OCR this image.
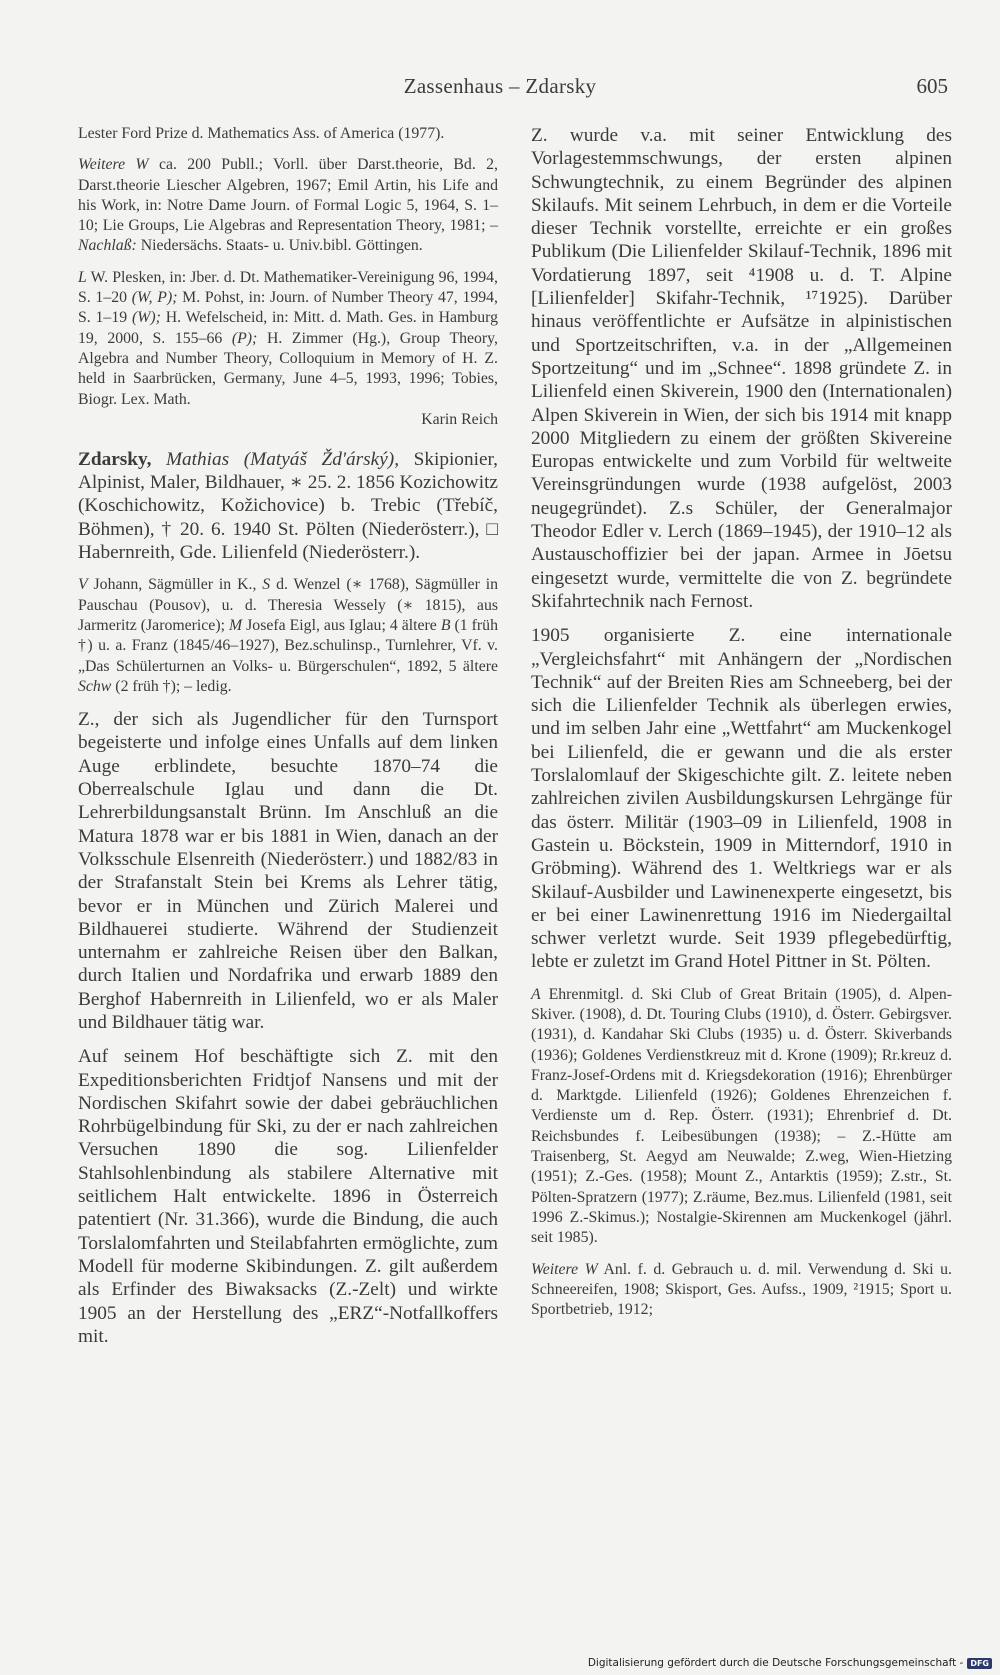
Zassenhaus – Zdarsky	605

Lester Ford Prize d. Mathematics Ass. of America (1977).

Weitere W ca. 200 Publl.; Vorll. über Darst.theorie, Bd. 2, Darst.theorie Liescher Algebren, 1967; Emil Artin, his Life and his Work, in: Notre Dame Journ. of Formal Logic 5, 1964, S. 1–10; Lie Groups, Lie Algebras and Representation Theory, 1981; – Nachlaß: Niedersächs. Staats- u. Univ.bibl. Göttingen.

L W. Plesken, in: Jber. d. Dt. Mathematiker-Vereinigung 96, 1994, S. 1–20 (W, P); M. Pohst, in: Journ. of Number Theory 47, 1994, S. 1–19 (W); H. Wefelscheid, in: Mitt. d. Math. Ges. in Hamburg 19, 2000, S. 155–66 (P); H. Zimmer (Hg.), Group Theory, Algebra and Number Theory, Colloquium in Memory of H. Z. held in Saarbrücken, Germany, June 4–5, 1993, 1996; Tobies, Biogr. Lex. Math.

Karin Reich

Zdarsky, Mathias (Matyáš Žd'árský), Skipionier, Alpinist, Maler, Bildhauer, ∗ 25. 2. 1856 Kozichowitz (Koschichowitz, Kožichovice) b. Trebic (Třebíč, Böhmen), † 20. 6. 1940 St. Pölten (Niederösterr.), □ Habernreith, Gde. Lilienfeld (Niederösterr.).

V Johann, Sägmüller in K., S d. Wenzel (∗ 1768), Sägmüller in Pauschau (Pousov), u. d. Theresia Wessely (∗ 1815), aus Jarmeritz (Jaromerice); M Josefa Eigl, aus Iglau; 4 ältere B (1 früh †) u. a. Franz (1845/46–1927), Bez.schulinsp., Turnlehrer, Vf. v. „Das Schülerturnen an Volks- u. Bürgerschulen“, 1892, 5 ältere Schw (2 früh †); – ledig.

Z., der sich als Jugendlicher für den Turnsport begeisterte und infolge eines Unfalls auf dem linken Auge erblindete, besuchte 1870–74 die Oberrealschule Iglau und dann die Dt. Lehrerbildungsanstalt Brünn. Im Anschluß an die Matura 1878 war er bis 1881 in Wien, danach an der Volksschule Elsenreith (Niederösterr.) und 1882/83 in der Strafanstalt Stein bei Krems als Lehrer tätig, bevor er in München und Zürich Malerei und Bildhauerei studierte. Während der Studienzeit unternahm er zahlreiche Reisen über den Balkan, durch Italien und Nordafrika und erwarb 1889 den Berghof Habernreith in Lilienfeld, wo er als Maler und Bildhauer tätig war.

Auf seinem Hof beschäftigte sich Z. mit den Expeditionsberichten Fridtjof Nansens und mit der Nordischen Skifahrt sowie der dabei gebräuchlichen Rohrbügelbindung für Ski, zu der er nach zahlreichen Versuchen 1890 die sog. Lilienfelder Stahlsohlenbindung als stabilere Alternative mit seitlichem Halt entwickelte. 1896 in Österreich patentiert (Nr. 31.366), wurde die Bindung, die auch Torslalomfahrten und Steilabfahrten ermöglichte, zum Modell für moderne Skibindungen. Z. gilt außerdem als Erfinder des Biwaksacks (Z.-Zelt) und wirkte 1905 an der Herstellung des „ERZ“-Notfallkoffers mit.

Z. wurde v.a. mit seiner Entwicklung des Vorlagestemmschwungs, der ersten alpinen Schwungtechnik, zu einem Begründer des alpinen Skilaufs. Mit seinem Lehrbuch, in dem er die Vorteile dieser Technik vorstellte, erreichte er ein großes Publikum (Die Lilienfelder Skilauf-Technik, 1896 mit Vordatierung 1897, seit ⁴1908 u. d. T. Alpine [Lilienfelder] Skifahr-Technik, ¹⁷1925). Darüber hinaus veröffentlichte er Aufsätze in alpinistischen und Sportzeitschriften, v.a. in der „Allgemeinen Sportzeitung“ und im „Schnee“. 1898 gründete Z. in Lilienfeld einen Skiverein, 1900 den (Internationalen) Alpen Skiverein in Wien, der sich bis 1914 mit knapp 2000 Mitgliedern zu einem der größten Skivereine Europas entwickelte und zum Vorbild für weltweite Vereinsgründungen wurde (1938 aufgelöst, 2003 neugegründet). Z.s Schüler, der Generalmajor Theodor Edler v. Lerch (1869–1945), der 1910–12 als Austauschoffizier bei der japan. Armee in Jōetsu eingesetzt wurde, vermittelte die von Z. begründete Skifahrtechnik nach Fernost.

1905 organisierte Z. eine internationale „Vergleichsfahrt“ mit Anhängern der „Nordischen Technik“ auf der Breiten Ries am Schneeberg, bei der sich die Lilienfelder Technik als überlegen erwies, und im selben Jahr eine „Wettfahrt“ am Muckenkogel bei Lilienfeld, die er gewann und die als erster Torslalomlauf der Skigeschichte gilt. Z. leitete neben zahlreichen zivilen Ausbildungskursen Lehrgänge für das österr. Militär (1903–09 in Lilienfeld, 1908 in Gastein u. Böckstein, 1909 in Mitterndorf, 1910 in Gröbming). Während des 1. Weltkriegs war er als Skilauf-Ausbilder und Lawinenexperte eingesetzt, bis er bei einer Lawinenrettung 1916 im Niedergailtal schwer verletzt wurde. Seit 1939 pflegebedürftig, lebte er zuletzt im Grand Hotel Pittner in St. Pölten.

A Ehrenmitgl. d. Ski Club of Great Britain (1905), d. Alpen-Skiver. (1908), d. Dt. Touring Clubs (1910), d. Österr. Gebirgsver. (1931), d. Kandahar Ski Clubs (1935) u. d. Österr. Skiverbands (1936); Goldenes Verdienstkreuz mit d. Krone (1909); Rr.kreuz d. Franz-Josef-Ordens mit d. Kriegsdekoration (1916); Ehrenbürger d. Marktgde. Lilienfeld (1926); Goldenes Ehrenzeichen f. Verdienste um d. Rep. Österr. (1931); Ehrenbrief d. Dt. Reichsbundes f. Leibesübungen (1938); – Z.-Hütte am Traisenberg, St. Aegyd am Neuwalde; Z.weg, Wien-Hietzing (1951); Z.-Ges. (1958); Mount Z., Antarktis (1959); Z.str., St. Pölten-Spratzern (1977); Z.räume, Bez.mus. Lilienfeld (1981, seit 1996 Z.-Skimus.); Nostalgie-Skirennen am Muckenkogel (jährl. seit 1985).

Weitere W Anl. f. d. Gebrauch u. d. mil. Verwendung d. Ski u. Schneereifen, 1908; Skisport, Ges. Aufss., 1909, ²1915; Sport u. Sportbetrieb, 1912;

Digitalisierung gefördert durch die Deutsche Forschungsgemeinschaft - DFG
